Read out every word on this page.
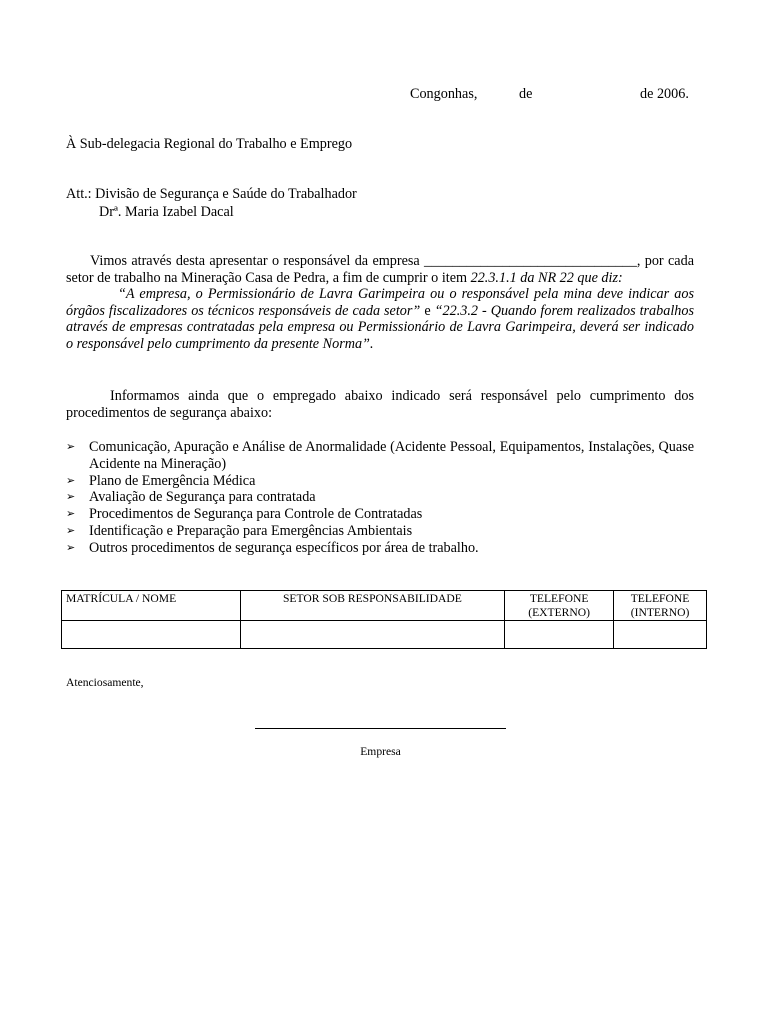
Congonhas,	de	de 2006.
À Sub-delegacia Regional do Trabalho e Emprego
Att.: Divisão de Segurança e Saúde do Trabalhador
Drª. Maria Izabel Dacal
Vimos através desta apresentar o responsável da empresa ______________________________, por cada setor de trabalho na Mineração Casa de Pedra, a fim de cumprir o item 22.3.1.1 da NR 22 que diz:
“A empresa, o Permissionário de Lavra Garimpeira ou o responsável pela mina deve indicar aos órgãos fiscalizadores os técnicos responsáveis de cada setor” e “22.3.2 - Quando forem realizados trabalhos através de empresas contratadas pela empresa ou Permissionário de Lavra Garimpeira, deverá ser indicado o responsável pelo cumprimento da presente Norma”.
Informamos ainda que o empregado abaixo indicado será responsável pelo cumprimento dos procedimentos de segurança abaixo:
➢ Comunicação, Apuração e Análise de Anormalidade (Acidente Pessoal, Equipamentos, Instalações, Quase Acidente na Mineração)
➢ Plano de Emergência Médica
➢ Avaliação de Segurança para contratada
➢ Procedimentos de Segurança para Controle de Contratadas
➢ Identificação e Preparação para Emergências Ambientais
➢ Outros procedimentos de segurança específicos por área de trabalho.
MATRÍCULA / NOME	SETOR SOB RESPONSABILIDADE	TELEFONE (EXTERNO)	TELEFONE (INTERNO)

Atenciosamente,
Empresa
